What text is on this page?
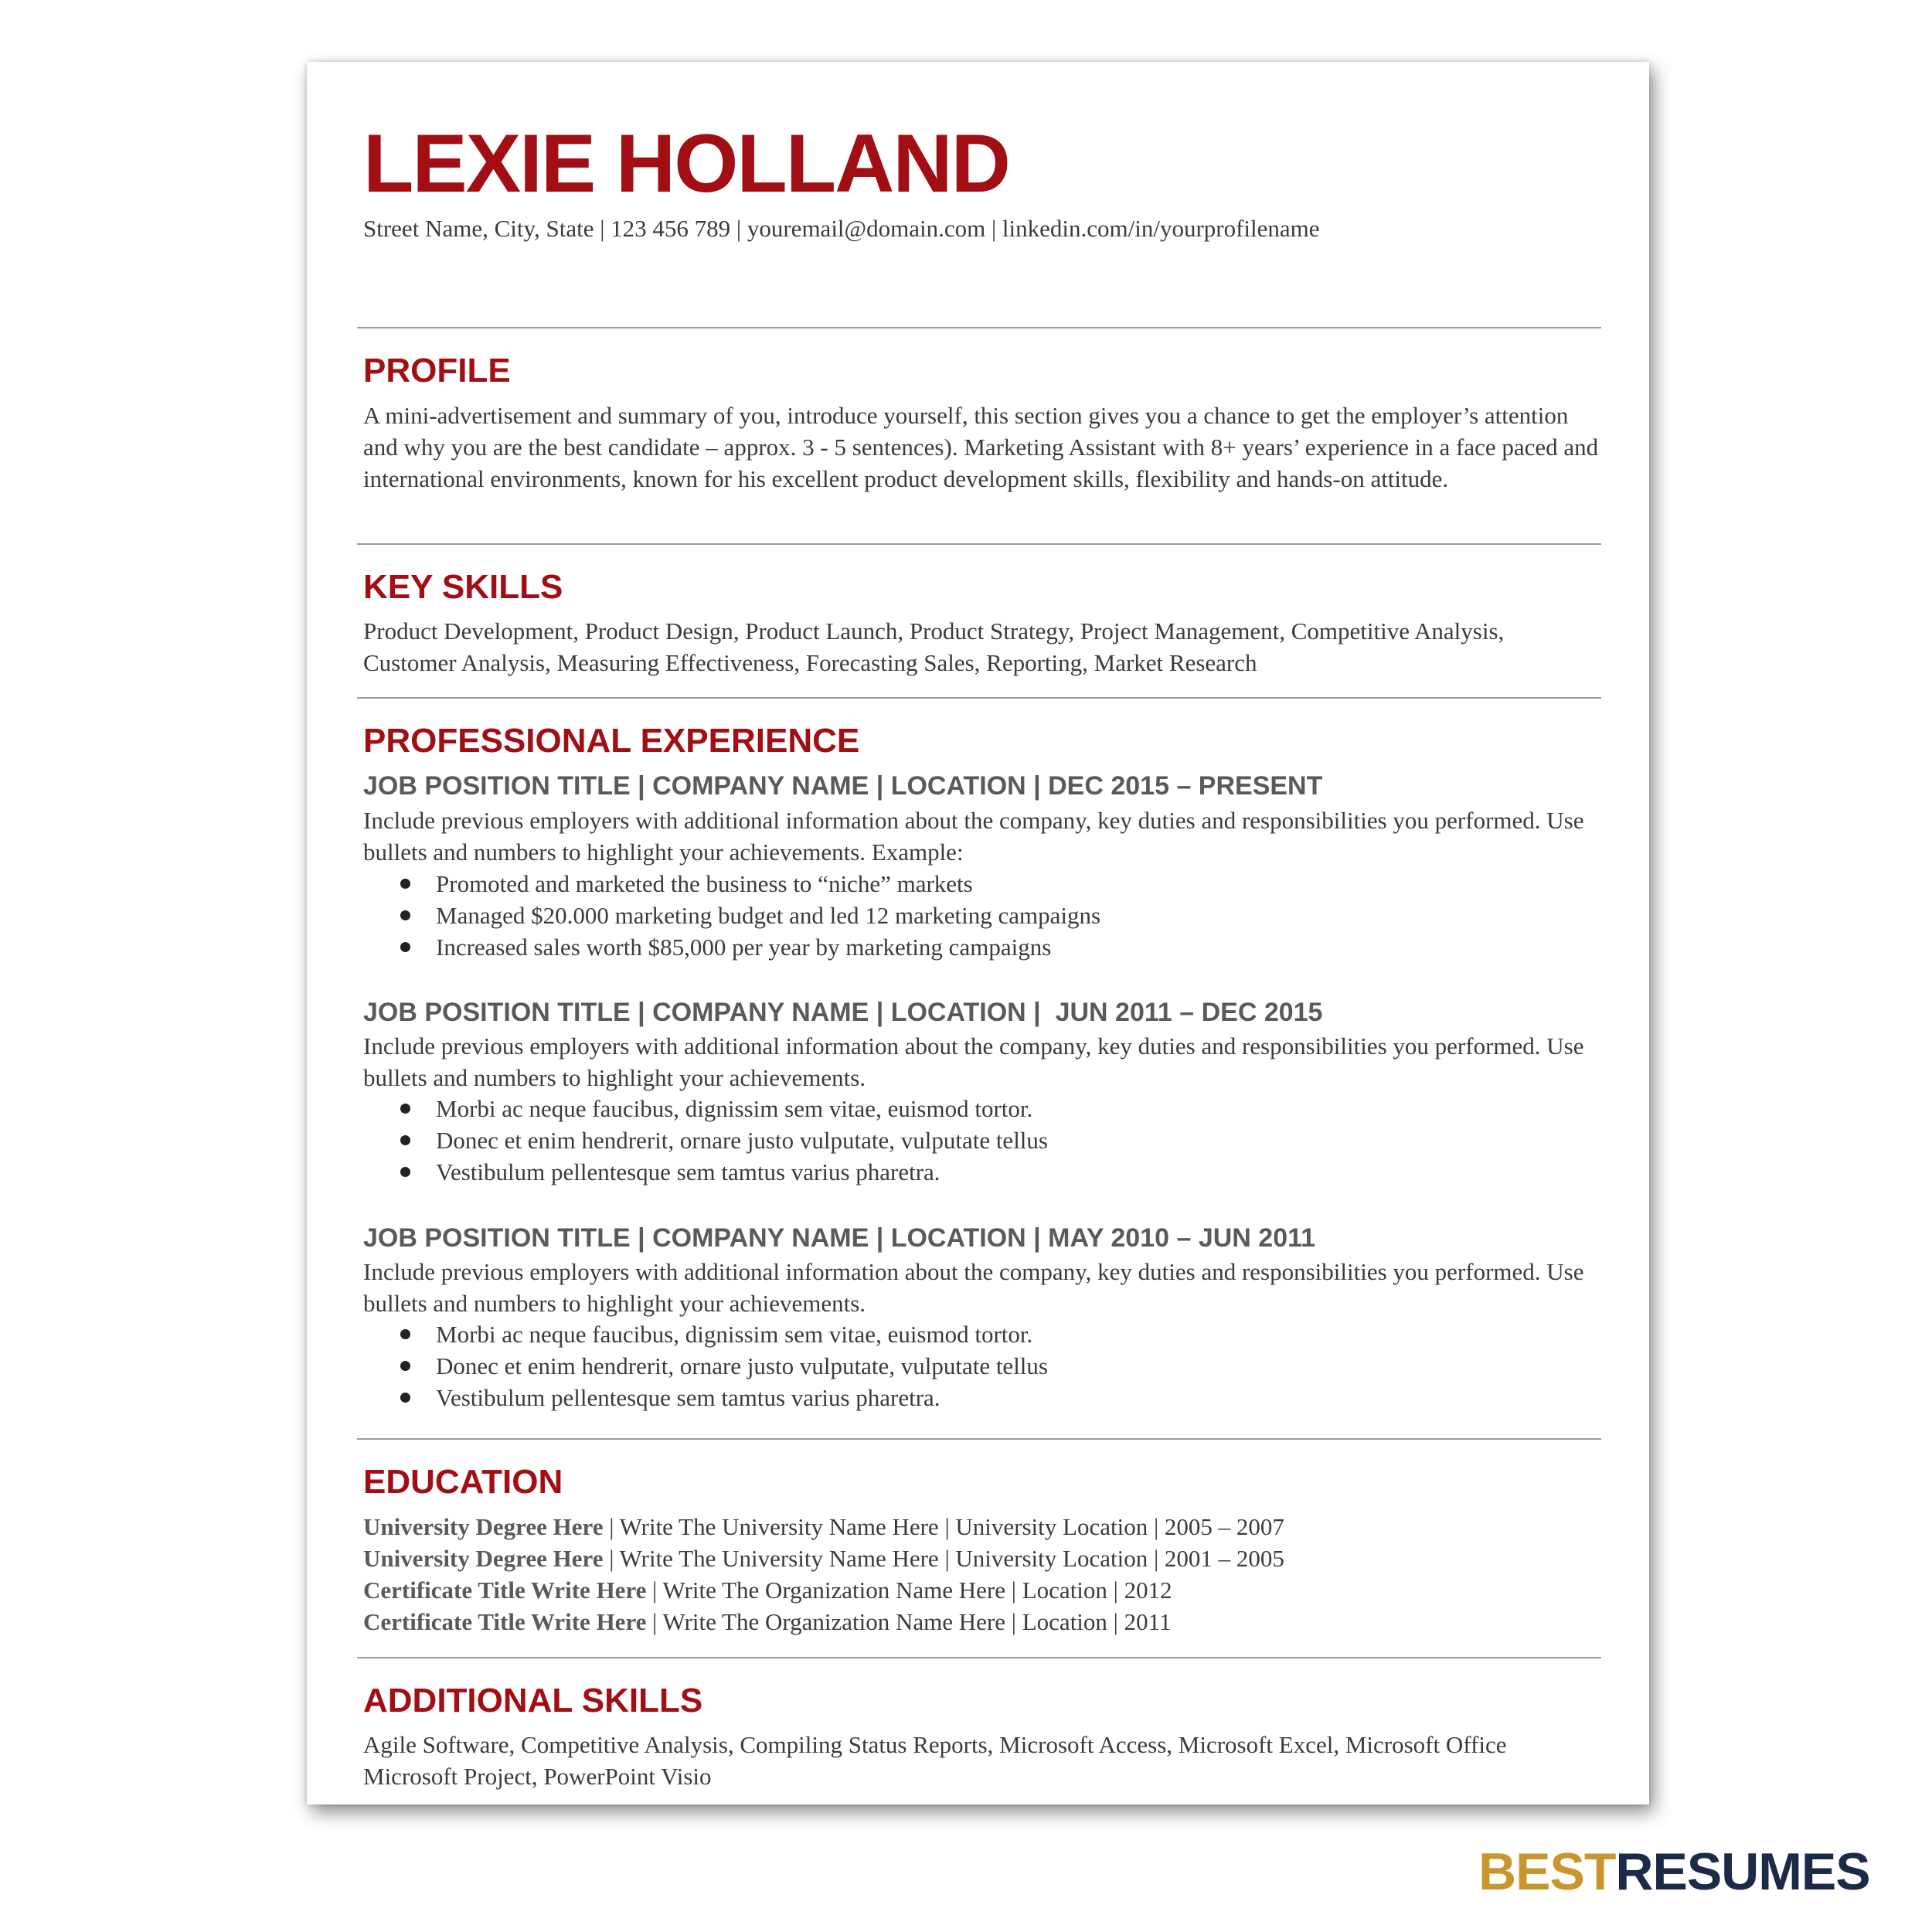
LEXIE HOLLAND
Street Name, City, State | 123 456 789 | youremail@domain.com | linkedin.com/in/yourprofilename
PROFILE

A mini-advertisement and summary of you, introduce yourself, this section gives you a chance to get the employer’s attention and why you are the best candidate – approx. 3 - 5 sentences). Marketing Assistant with 8+ years’ experience in a face paced and international environments, known for his excellent product development skills, flexibility and hands-on attitude.

KEY SKILLS

Product Development, Product Design, Product Launch, Product Strategy, Project Management, Competitive Analysis, Customer Analysis, Measuring Effectiveness, Forecasting Sales, Reporting, Market Research

PROFESSIONAL EXPERIENCE
JOB POSITION TITLE | COMPANY NAME | LOCATION | DEC 2015 – PRESENT

Include previous employers with additional information about the company, key duties and responsibilities you performed. Use bullets and numbers to highlight your achievements. Example:

Promoted and marketed the business to “niche” markets
Managed $20.000 marketing budget and led 12 marketing campaigns
Increased sales worth $85,000 per year by marketing campaigns
JOB POSITION TITLE | COMPANY NAME | LOCATION |  JUN 2011 – DEC 2015

Include previous employers with additional information about the company, key duties and responsibilities you performed. Use bullets and numbers to highlight your achievements.

Morbi ac neque faucibus, dignissim sem vitae, euismod tortor.
Donec et enim hendrerit, ornare justo vulputate, vulputate tellus
Vestibulum pellentesque sem tamtus varius pharetra.
JOB POSITION TITLE | COMPANY NAME | LOCATION | MAY 2010 – JUN 2011

Include previous employers with additional information about the company, key duties and responsibilities you performed. Use bullets and numbers to highlight your achievements.

Morbi ac neque faucibus, dignissim sem vitae, euismod tortor.
Donec et enim hendrerit, ornare justo vulputate, vulputate tellus
Vestibulum pellentesque sem tamtus varius pharetra.
EDUCATION
University Degree Here | Write The University Name Here | University Location | 2005 – 2007
University Degree Here | Write The University Name Here | University Location | 2001 – 2005
Certificate Title Write Here | Write The Organization Name Here | Location | 2012
Certificate Title Write Here | Write The Organization Name Here | Location | 2011
ADDITIONAL SKILLS

Agile Software, Competitive Analysis, Compiling Status Reports, Microsoft Access, Microsoft Excel, Microsoft Office Microsoft Project, PowerPoint Visio

BESTRESUMES
